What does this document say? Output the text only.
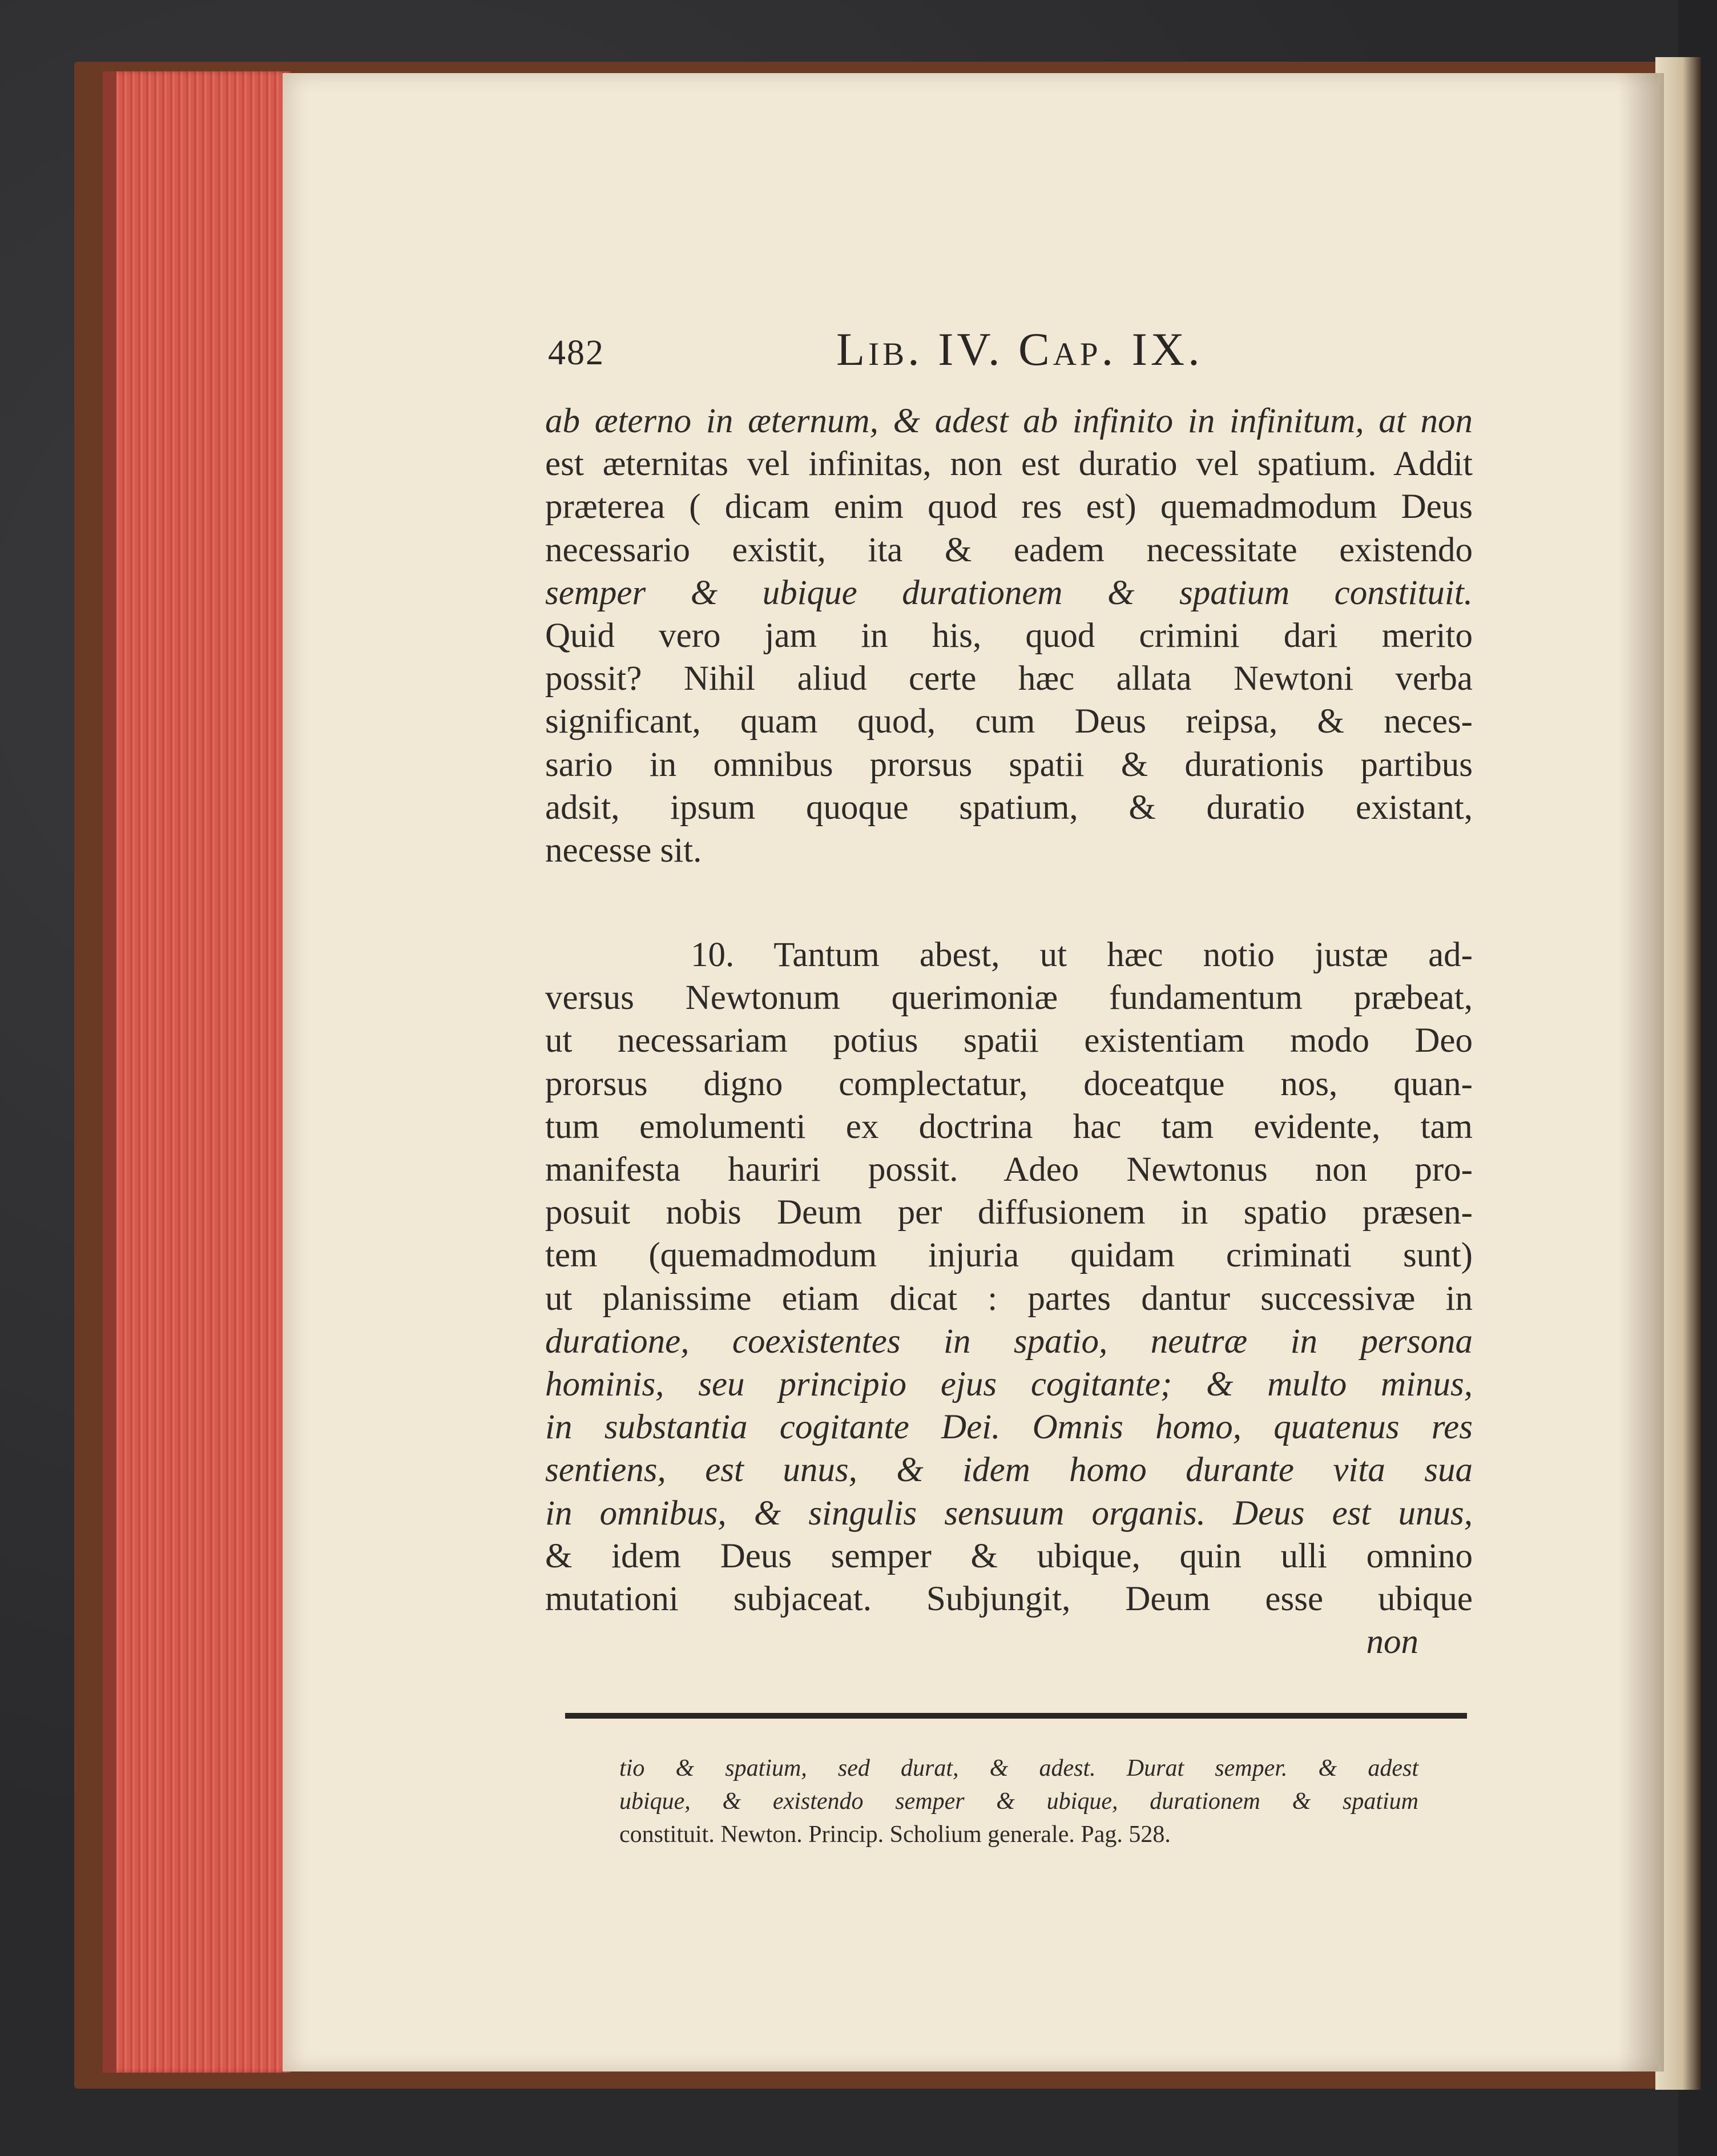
482	Lib. IV. Cap. IX.
ab æterno in æternum, & adest ab infinito in infinitum, at non
est æternitas vel infinitas, non est duratio vel spatium. Addit
præterea ( dicam enim quod res est) quemadmodum Deus
necessario existit, ita & eadem necessitate existendo
semper & ubique durationem & spatium constituit.
Quid vero jam in his, quod crimini dari merito
possit? Nihil aliud certe hæc allata Newtoni verba
significant, quam quod, cum Deus reipsa, & neces-
sario in omnibus prorsus spatii & durationis partibus
adsit, ipsum quoque spatium, & duratio existant,
necesse sit.
10. Tantum abest, ut hæc notio justæ ad-
versus Newtonum querimoniæ fundamentum præbeat,
ut necessariam potius spatii existentiam modo Deo
prorsus digno complectatur, doceatque nos, quan-
tum emolumenti ex doctrina hac tam evidente, tam
manifesta hauriri possit. Adeo Newtonus non pro-
posuit nobis Deum per diffusionem in spatio præsen-
tem (quemadmodum injuria quidam criminati sunt)
ut planissime etiam dicat : partes dantur successivæ in
duratione, coexistentes in spatio, neutræ in persona
hominis, seu principio ejus cogitante; & multo minus,
in substantia cogitante Dei. Omnis homo, quatenus res
sentiens, est unus, & idem homo durante vita sua
in omnibus, & singulis sensuum organis. Deus est unus,
& idem Deus semper & ubique, quin ulli omnino
mutationi subjaceat. Subjungit, Deum esse ubique
non
tio & spatium, sed durat, & adest. Durat semper. & adest
ubique, & existendo semper & ubique, durationem & spatium
constituit. Newton. Princip. Scholium generale. Pag. 528.
